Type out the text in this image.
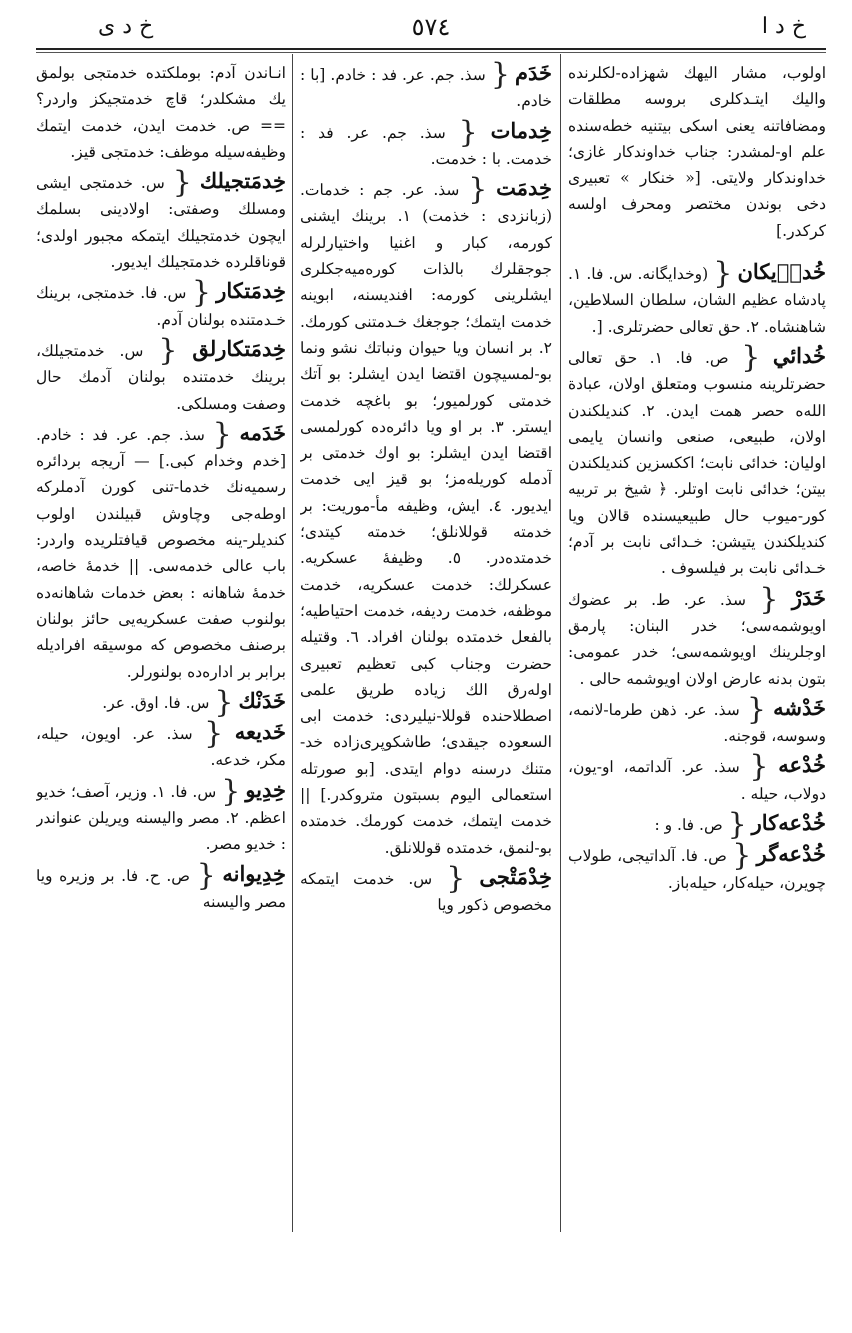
خ د ا
٥٧٤
خ د ی

اولوب، مشار اليهك شهزاده-لكلرنده واليك ايتـدكلرى بروسه مطلقات ومضافاتنه يعنى اسكى بيتنيه خطه‌سنده علم او-لمشدر: جناب خداوندكار غازى؛ خداوندكار ولايتى. [« خنكار » تعبيرى دخى بوندن مختصر ومحرف اولسه كركدر.]

خُداۤيكان { (وخدايگانه. س. فا. ١. پادشاه عظيم الشان، سلطان السلاطين، شاهنشاه. ٢. حق تعالى حضرتلرى. [.

خُدائي { ص. فا. ١. حق تعالى حضرتلرينه منسوب ومتعلق اولان، عبادة الله‌ه حصر همت ايدن. ٢. كنديلكندن اولان، طبيعى، صنعى وانسان يايمى اوليان: خدائى نابت؛ اككسزين كنديلكندن بيتن؛ خدائى نابت اوتلر. ﴿ شيخ بر تربيه كور-ميوب حال طبيعيسنده قالان ويا كنديلكندن يتيشن: خـدائى نابت بر آدم؛ خـدائى نابت بر فيلسوف .

خَدَرْ { سذ. عر. ﻁ. بر عضوك اويوشمه‌سى؛ خدر البنان: پارمق اوجلرينك اويوشمه‌سى؛ خدر عمومى: بتون بدنه عارض اولان اويوشمه حالى .

خَدْشه { سذ. عر. ذهن طرما-لانمه، وسوسه، قوجنه.

خُدْعه { سذ. عر. آلداتمه، او-يون، دولاب، حيله .

خُدْعه‌كار { ص. فا. و :

خُدْعه‌گر { ص. فا. آلداتيجى، طولاب چويرن، حيله‌كار، حيله‌باز.

خَدَم { سذ. جم. عر. فد : خادم. [با : خادم.

خِدمات { سذ. جم. عر. فد : خدمت. با : خدمت.

خِدمَت { سذ. عر. جم : خدمات. (زبانزدى : خذمت) ١. برينك ايشنى كورمه، كبار و اغنيا واختيارلرله جوجقلرك بالذات كوره‌ميه‌جكلرى ايشلرينى كورمه: افنديسنه، ابوينه خدمت ايتمك؛ جوجغك خـدمتنى كورمك. ٢. بر انسان ويا حيوان ونباتك نشو ونما بو-لمسيچون اقتضا ايدن ايشلر: بو آتك خدمتى كورلميور؛ بو باغچه خدمت ايستر. ٣. بر او ويا دائره‌ده كورلمسى اقتضا ايدن ايشلر: بو اوك خدمتى بر آدمله كوريله‌مز؛ بو قيز ايى خدمت ايديور. ٤. ايش، وظيفه مأ-موريت: بر خدمته قوللانلق؛ خدمته كيتدى؛ خدمتده‌در. ٥. وظيفهٔ عسكريه. عسكرلك: خدمت عسكريه، خدمت موظفه، خدمت رديفه، خدمت احتياطيه؛ بالفعل خدمتده بولنان افراد. ٦. وقتيله حضرت وجناب كبى تعظيم تعبيرى اوله‌رق الك زياده طريق علمى اصطلاحنده قوللا-نيليردى: خدمت ابى السعوده جيقدى؛ طاشكوپرى‌زاده خد-متنك درسنه دوام ايتدى. [بو صورتله استعمالى اليوم بسبتون متروكدر.] || خدمت ايتمك، خدمت كورمك. خدمتده بو-لنمق، خدمتده قوللانلق.

خِدْمَتْجى { س. خدمت ايتمكه مخصوص ذكور ويا

انـاندن آدم: بوملكتده خدمتجى بولمق يك مشكلدر؛ قاچ خدمتجيكز واردر؟ == ص. خدمت ايدن، خدمت ايتمك وظيفه‌سيله موظف: خدمتجى قيز.

خِدمَتجيلك { س. خدمتجى ايشى ومسلك وصفتى: اولادينى بسلمك ايچون خدمتجيلك ايتمكه مجبور اولدى؛ قوناقلرده خدمتجيلك ايديور.

خِدمَتكار { س. فا. خدمتجى، برينك خـدمتنده بولنان آدم.

خِدمَتكارلق { س. خدمتجيلك، برينك خدمتنده بولنان آدمك حال وصفت ومسلكى.

خَدَمه { سذ. جم. عر. فد : خادم. [خدم وخدام كبى.] — آريجه بردائره رسميه‌نك خدما-تنى كورن آدملركه اوطه‌جى وچاوش قبيلندن اولوب كنديلر-ينه مخصوص قيافتلريده واردر: باب عالى خدمه‌سى. || خدمهٔ خاصه، خدمهٔ شاهانه : بعض خدمات شاهانه‌ده بولنوب صفت عسكريه‌يى حائز بولنان برصنف مخصوص كه موسيقه افراديله برابر بر اداره‌ده بولنورلر.

خَدَنْك { س. فا. اوق. عر.

خَديعه { سذ. عر. اويون، حيله، مكر، خدعه.

خِدِيو { س. فا. ١. وزير، آصف؛ خديو اعظم. ٢. مصر واليسنه ويريلن عنواندر : خديو مصر.

خِدِيوانه { ص. ح. فا. بر وزيره ويا مصر واليسنه
